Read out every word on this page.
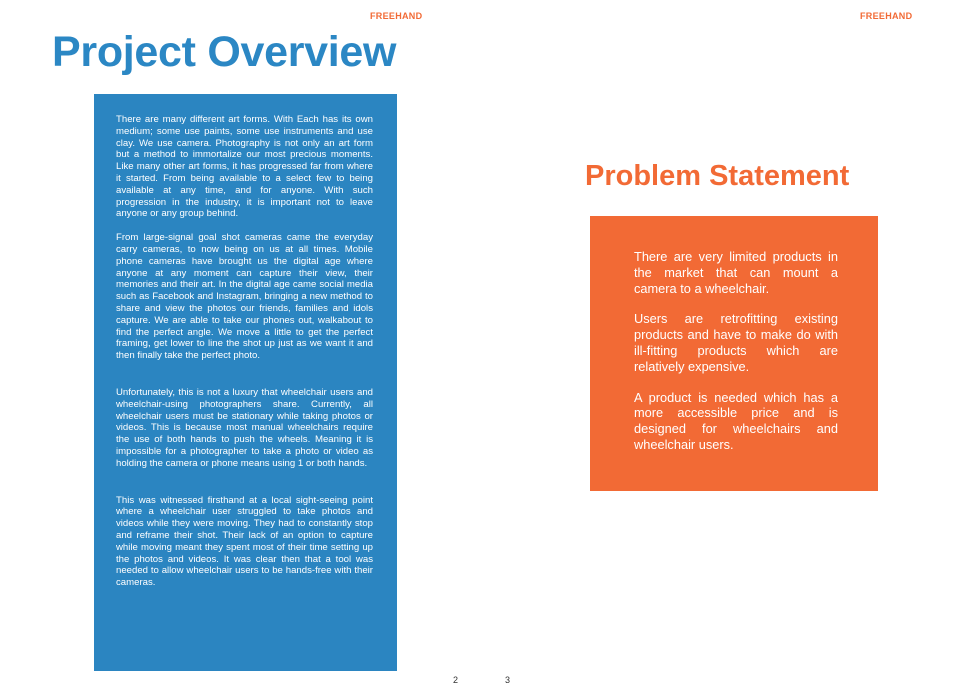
FREEHAND
Project Overview

There are many different art forms. With Each has its own medium; some use paints, some use instruments and use clay. We use camera. Photography is not only an art form but a method to immortalize our most precious moments. Like many other art forms, it has progressed far from where it started. From being available to a select few to being available at any time, and for anyone. With such progression in the industry, it is important not to leave anyone or any group behind.

From large-signal goal shot cameras came the everyday carry cameras, to now being on us at all times. Mobile phone cameras have brought us the digital age where anyone at any moment can capture their view, their memories and their art. In the digital age came social media such as Facebook and Instagram, bringing a new method to share and view the photos our friends, families and idols capture. We are able to take our phones out, walkabout to find the perfect angle. We move a little to get the perfect framing, get lower to line the shot up just as we want it and then finally take the perfect photo.

Unfortunately, this is not a luxury that wheelchair users and wheelchair-using photographers share. Currently, all wheelchair users must be stationary while taking photos or videos. This is because most manual wheelchairs require the use of both hands to push the wheels. Meaning it is impossible for a photographer to take a photo or video as holding the camera or phone means using 1 or both hands.

This was witnessed firsthand at a local sight-seeing point where a wheelchair user struggled to take photos and videos while they were moving. They had to constantly stop and reframe their shot. Their lack of an option to capture while moving meant they spent most of their time setting up the photos and videos. It was clear then that a tool was needed to allow wheelchair users to be hands-free with their cameras.

2
FREEHAND
Problem Statement

There are very limited products in the market that can mount a camera to a wheelchair.

Users are retrofitting existing products and have to make do with ill-fitting products which are relatively expensive.

A product is needed which has a more accessible price and is designed for wheelchairs and wheelchair users.

3
